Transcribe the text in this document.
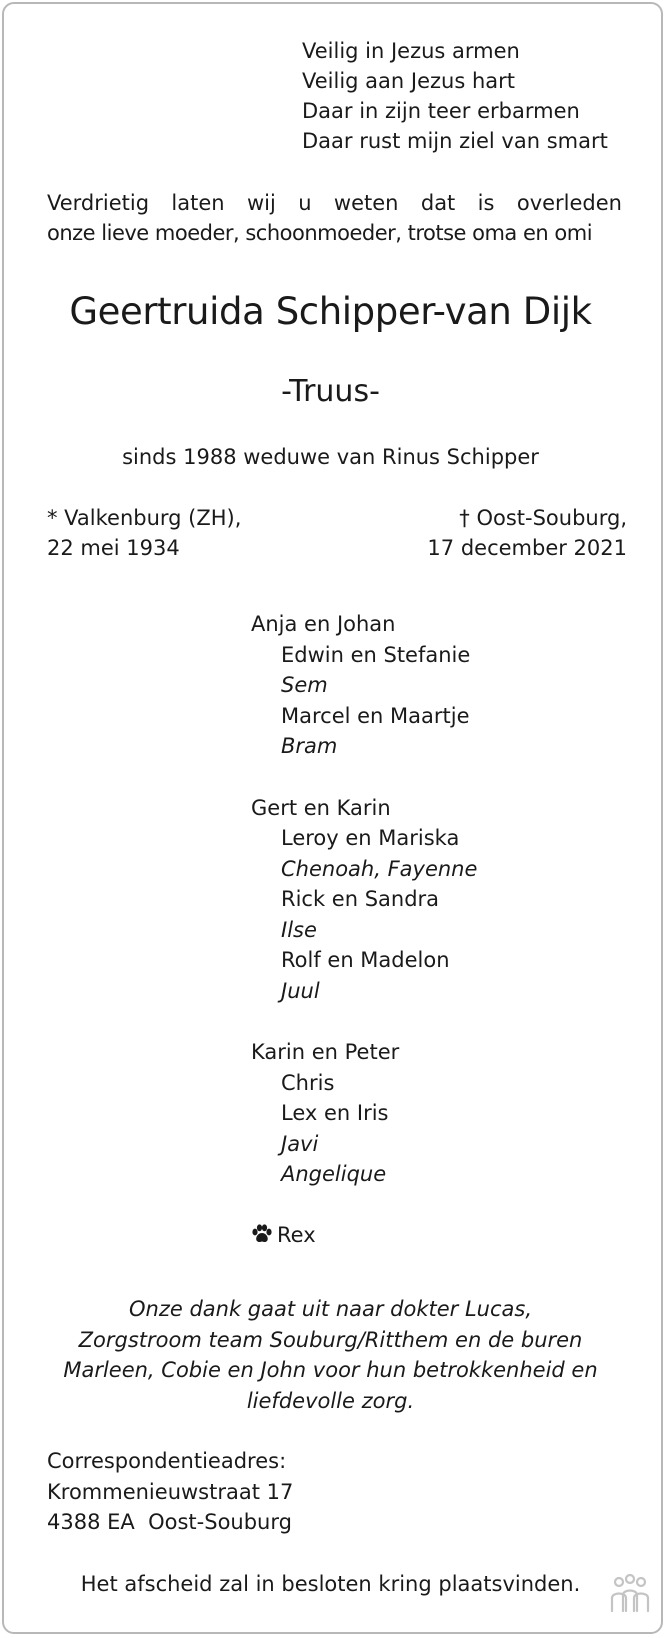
Veilig in Jezus armen
Veilig aan Jezus hart
Daar in zijn teer erbarmen
Daar rust mijn ziel van smart
Verdrietig laten wij u weten dat is overleden
onze lieve moeder, schoonmoeder, trotse oma en omi
Geertruida Schipper-van Dijk
-Truus-
sinds 1988 weduwe van Rinus Schipper
* Valkenburg (ZH),
22 mei 1934
† Oost-Souburg,
17 december 2021
Anja en Johan
Edwin en Stefanie
Sem
Marcel en Maartje
Bram
Gert en Karin
Leroy en Mariska
Chenoah, Fayenne
Rick en Sandra
Ilse
Rolf en Madelon
Juul
Karin en Peter
Chris
Lex en Iris
Javi
Angelique
Rex
Onze dank gaat uit naar dokter Lucas,
Zorgstroom team Souburg/Ritthem en de buren
Marleen, Cobie en John voor hun betrokkenheid en
liefdevolle zorg.
Correspondentieadres:
Krommenieuwstraat 17
4388 EA  Oost-Souburg
Het afscheid zal in besloten kring plaatsvinden.
